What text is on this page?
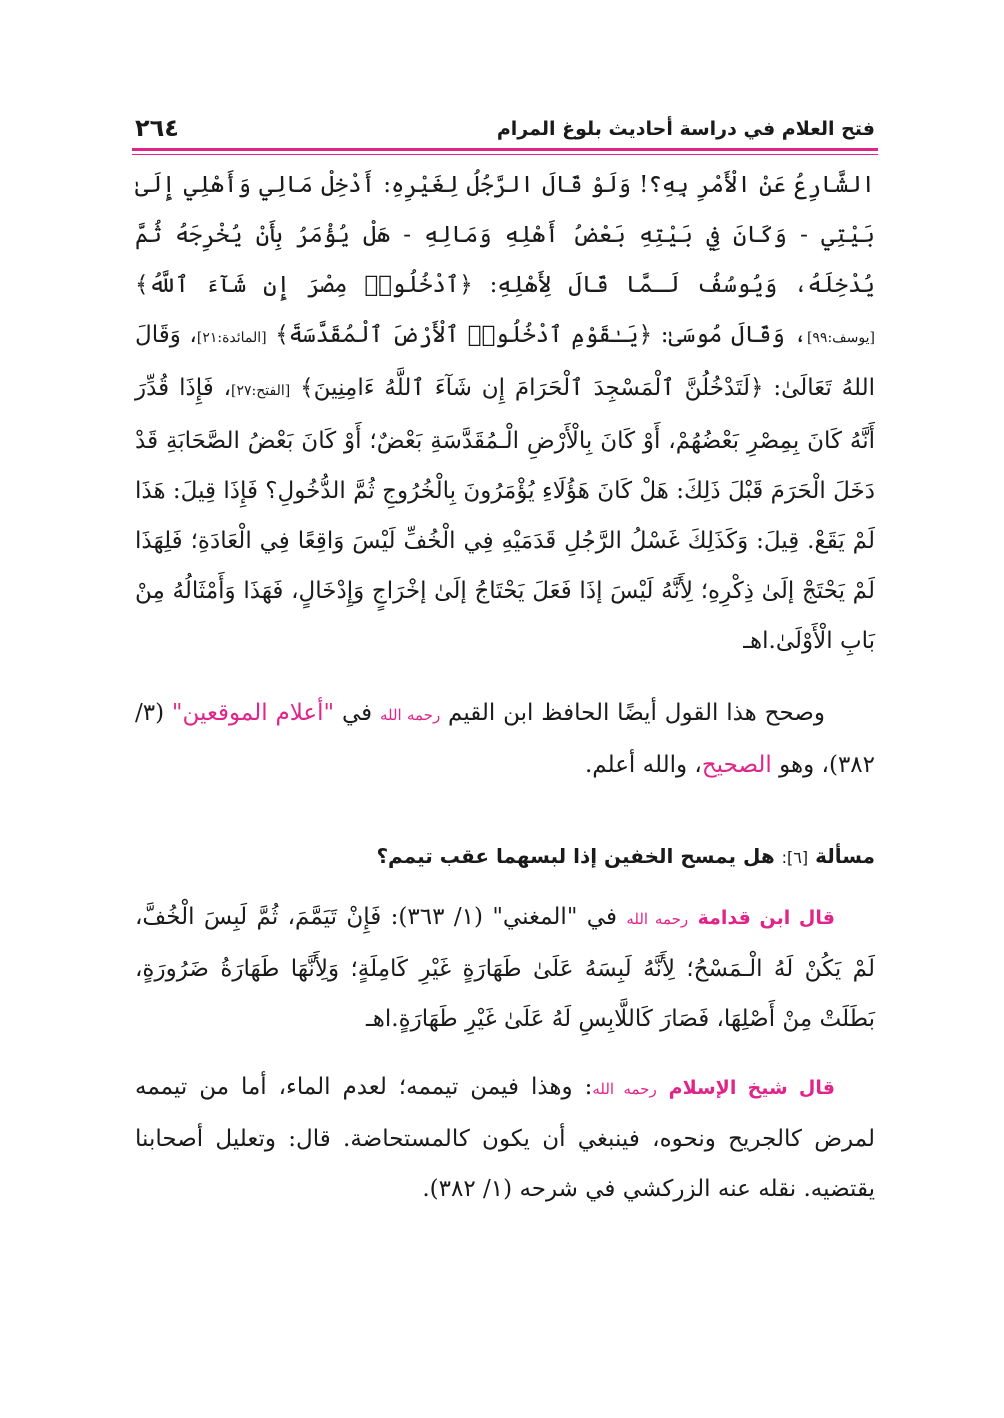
فتح العلام في دراسة أحاديث بلوغ المرام
٢٦٤

الشَّارِعُ عَنْ الْأَمْرِ بِهِ؟! وَلَوْ قَالَ الرَّجُلُ لِغَيْرِهِ: أَدْخِلْ مَالِي وَأَهْلِي إِلَىٰ بَيْتِي - وَكَانَ فِي بَيْتِهِ بَعْضُ أَهْلِهِ وَمَالِهِ - هَلْ يُؤْمَرُ بِأَنْ يُخْرِجَهُ ثُمَّ يُدْخِلَهُ، وَيُوسُفُ لَـمَّا قَالَ لِأَهْلِهِ: ﴿ٱدْخُلُوا۟ مِصْرَ إِن شَآءَ ٱللَّهُ﴾ [يوسف:٩٩]، وَقَالَ مُوسَىٰ: ﴿يَـٰقَوْمِ ٱدْخُلُوا۟ ٱلْأَرْضَ ٱلْمُقَدَّسَةَ﴾ [المائدة:٢١]، وَقَالَ اللهُ تَعَالَىٰ: ﴿لَتَدْخُلُنَّ ٱلْمَسْجِدَ ٱلْحَرَامَ إِن شَآءَ ٱللَّهُ ءَامِنِينَ﴾ [الفتح:٢٧]، فَإِذَا قُدِّرَ أَنَّهُ كَانَ بِمِصْرِ بَعْضُهُمْ، أَوْ كَانَ بِالْأَرْضِ الْـمُقَدَّسَةِ بَعْضٌ؛ أَوْ كَانَ بَعْضُ الصَّحَابَةِ قَدْ دَخَلَ الْحَرَمَ قَبْلَ ذَلِكَ: هَلْ كَانَ هَؤُلَاءِ يُؤْمَرُونَ بِالْخُرُوجِ ثُمَّ الدُّخُولِ؟ فَإِذَا قِيلَ: هَذَا لَمْ يَقَعْ. قِيلَ: وَكَذَلِكَ غَسْلُ الرَّجُلِ قَدَمَيْهِ فِي الْخُفِّ لَيْسَ وَاقِعًا فِي الْعَادَةِ؛ فَلِهَذَا لَمْ يَحْتَجْ إلَىٰ ذِكْرِهِ؛ لِأَنَّهُ لَيْسَ إذَا فَعَلَ يَحْتَاجُ إلَىٰ إخْرَاجٍ وَإِدْخَالٍ، فَهَذَا وَأَمْثَالُهُ مِنْ بَابِ الْأَوْلَىٰ.اهـ

وصحح هذا القول أيضًا الحافظ ابن القيم رحمه الله في "أعلام الموقعين" (٣/ ٣٨٢)، وهو الصحيح، والله أعلم.

مسألة [٦]: هل يمسح الخفين إذا لبسهما عقب تيمم؟

قال ابن قدامة رحمه الله في "المغني" (١/ ٣٦٣): فَإِنْ تَيَمَّمَ، ثُمَّ لَبِسَ الْخُفَّ، لَمْ يَكُنْ لَهُ الْـمَسْحُ؛ لِأَنَّهُ لَبِسَهُ عَلَىٰ طَهَارَةٍ غَيْرِ كَامِلَةٍ؛ وَلِأَنَّهَا طَهَارَةُ ضَرُورَةٍ، بَطَلَتْ مِنْ أَصْلِهَا، فَصَارَ كَاللَّابِسِ لَهُ عَلَىٰ غَيْرِ طَهَارَةٍ.اهـ

قال شيخ الإسلام رحمه الله: وهذا فيمن تيممه؛ لعدم الماء، أما من تيممه لمرض كالجريح ونحوه، فينبغي أن يكون كالمستحاضة. قال: وتعليل أصحابنا يقتضيه. نقله عنه الزركشي في شرحه (١/ ٣٨٢).
